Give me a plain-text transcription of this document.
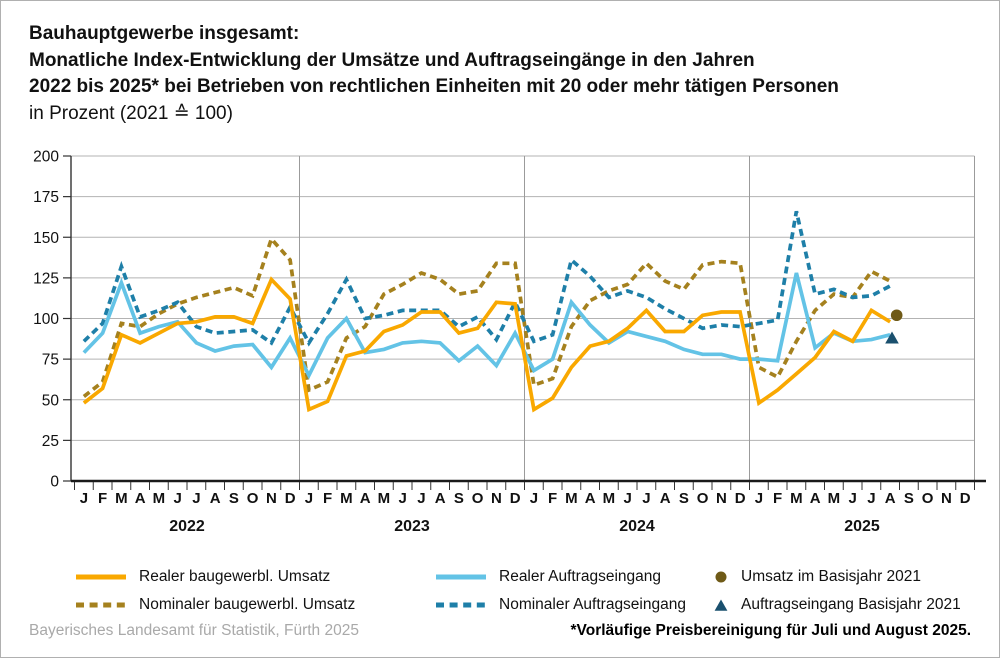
Bauhauptgewerbe insgesamt:
Monatliche Index-Entwicklung der Umsätze und Auftragseingänge in den Jahren
2022 bis 2025* bei Betrieben von rechtlichen Einheiten mit 20 oder mehr tätigen Personen
in Prozent (2021 ≙ 100)
0
25
50
75
100
125
150
175
200
J F M A M J J A S O N D
2022
J F M A M J J A S O N D
2023
J F M A M J J A S O N D
2024
J F M A M J J A S O N D
2025
Realer baugewerbl. Umsatz
Nominaler baugewerbl. Umsatz
Realer Auftragseingang
Nominaler Auftragseingang
Umsatz im Basisjahr 2021
Auftragseingang Basisjahr 2021
Bayerisches Landesamt für Statistik, Fürth 2025	*Vorläufige Preisbereinigung für Juli und August 2025.
